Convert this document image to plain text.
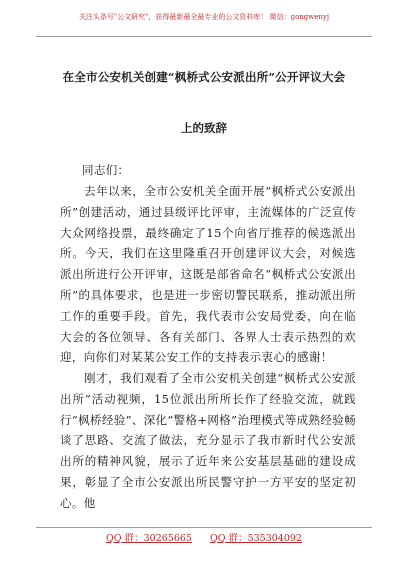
关注头条号"公文研究"，获得最新最全最专业的公文资料库！ 微信：gongwenyj
在全市公安机关创建“枫桥式公安派出所”公开评议大会
上的致辞

同志们：

去年以来，全市公安机关全面开展“枫桥式公安派出所”创建活动，通过县级评比评审，主流媒体的广泛宣传大众网络投票，最终确定了15个向省厅推荐的候选派出所。今天，我们在这里隆重召开创建评议大会，对候选派出所进行公开评审，这既是部省命名“枫桥式公安派出所”的具体要求，也是进一步密切警民联系，推动派出所工作的重要手段。首先，我代表市公安局党委，向在临大会的各位领导、各有关部门、各界人士表示热烈的欢迎，向你们对某某公安工作的支持表示衷心的感谢！

刚才，我们观看了全市公安机关创建“枫桥式公安派出所”活动视频，15位派出所所长作了经验交流，就践行“枫桥经验”、深化“警格+网格”治理模式等成熟经验畅谈了思路、交流了做法，充分显示了我市新时代公安派出所的精神风貌，展示了近年来公安基层基础的建设成果，彰显了全市公安派出所民警守护一方平安的坚定初心。他

QQ 群：30265665 QQ 群：535304092
